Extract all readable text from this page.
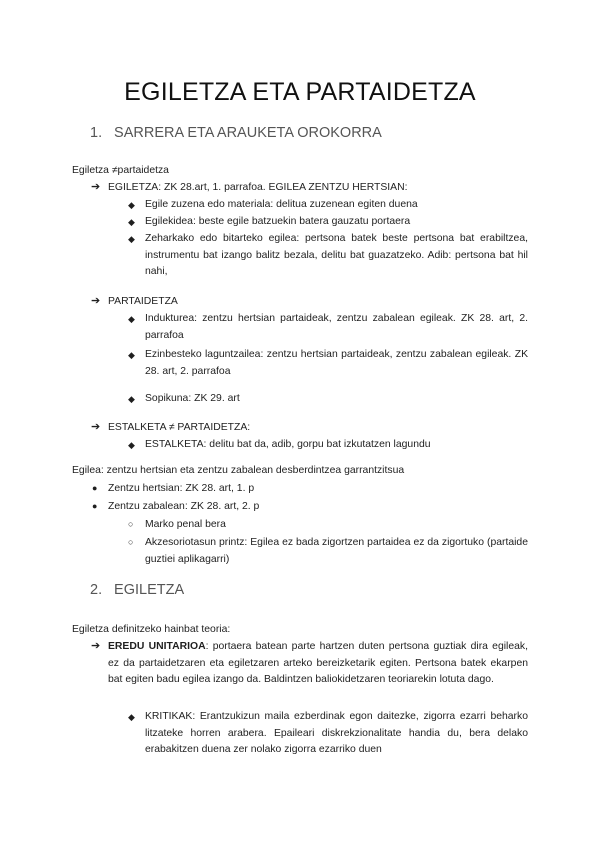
EGILETZA ETA PARTAIDETZA
1. SARRERA ETA ARAUKETA OROKORRA

Egiletza ≠partaidetza

➔ EGILETZA: ZK 28.art, 1. parrafoa. EGILEA ZENTZU HERTSIAN:

◆ Egile zuzena edo materiala: delitua zuzenean egiten duena

◆ Egilekidea: beste egile batzuekin batera gauzatu portaera

◆ Zeharkako edo bitarteko egilea: pertsona batek beste pertsona bat erabiltzea, instrumentu bat izango balitz bezala, delitu bat guazatzeko. Adib: pertsona bat hil nahi,

➔ PARTAIDETZA

◆ Indukturea: zentzu hertsian partaideak, zentzu zabalean egileak. ZK 28. art, 2. parrafoa

◆ Ezinbesteko laguntzailea: zentzu hertsian partaideak, zentzu zabalean egileak. ZK 28. art, 2. parrafoa

◆ Sopikuna: ZK 29. art

➔ ESTALKETA ≠ PARTAIDETZA:

◆ ESTALKETA: delitu bat da, adib, gorpu bat izkutatzen lagundu

Egilea: zentzu hertsian eta zentzu zabalean desberdintzea garrantzitsua

● Zentzu hertsian: ZK 28. art, 1. p

● Zentzu zabalean: ZK 28. art, 2. p

○ Marko penal bera

○ Akzesoriotasun printz: Egilea ez bada zigortzen partaidea ez da zigortuko (partaide guztiei aplikagarri)

2. EGILETZA

Egiletza definitzeko hainbat teoria:

➔ EREDU UNITARIOA: portaera batean parte hartzen duten pertsona guztiak dira egileak, ez da partaidetzaren eta egiletzaren arteko bereizketarik egiten. Pertsona batek ekarpen bat egiten badu egilea izango da. Baldintzen baliokidetzaren teoriarekin lotuta dago.

◆ KRITIKAK: Erantzukizun maila ezberdinak egon daitezke, zigorra ezarri beharko litzateke horren arabera. Epaileari diskrekzionalitate handia du, bera delako erabakitzen duena zer nolako zigorra ezarriko duen
